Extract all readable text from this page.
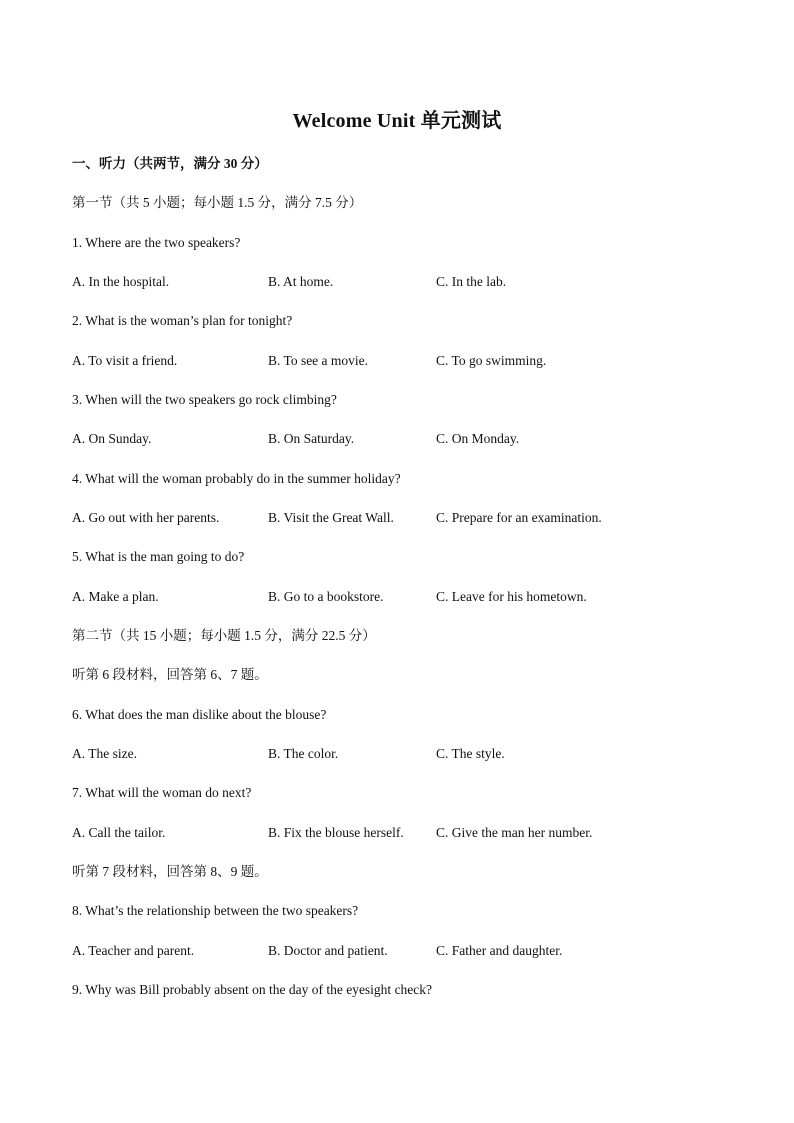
Welcome Unit 单元测试
一、听力（共两节，满分 30 分）
第一节（共 5 小题；每小题 1.5 分，满分 7.5 分）
1. Where are the two speakers?
A. In the hospital.	B. At home.	C. In the lab.
2. What is the woman’s plan for tonight?
A. To visit a friend.	B. To see a movie.	C. To go swimming.
3. When will the two speakers go rock climbing?
A. On Sunday.	B. On Saturday.	C. On Monday.
4. What will the woman probably do in the summer holiday?
A. Go out with her parents.	B. Visit the Great Wall.	C. Prepare for an examination.
5. What is the man going to do?
A. Make a plan.	B. Go to a bookstore.	C. Leave for his hometown.
第二节（共 15 小题；每小题 1.5 分，满分 22.5 分）
听第 6 段材料，回答第 6、7 题。
6. What does the man dislike about the blouse?
A. The size.	B. The color.	C. The style.
7. What will the woman do next?
A. Call the tailor.	B. Fix the blouse herself. C. Give the man her number.
听第 7 段材料，回答第 8、9 题。
8. What’s the relationship between the two speakers?
A. Teacher and parent.	B. Doctor and patient.	C. Father and daughter.
9. Why was Bill probably absent on the day of the eyesight check?
